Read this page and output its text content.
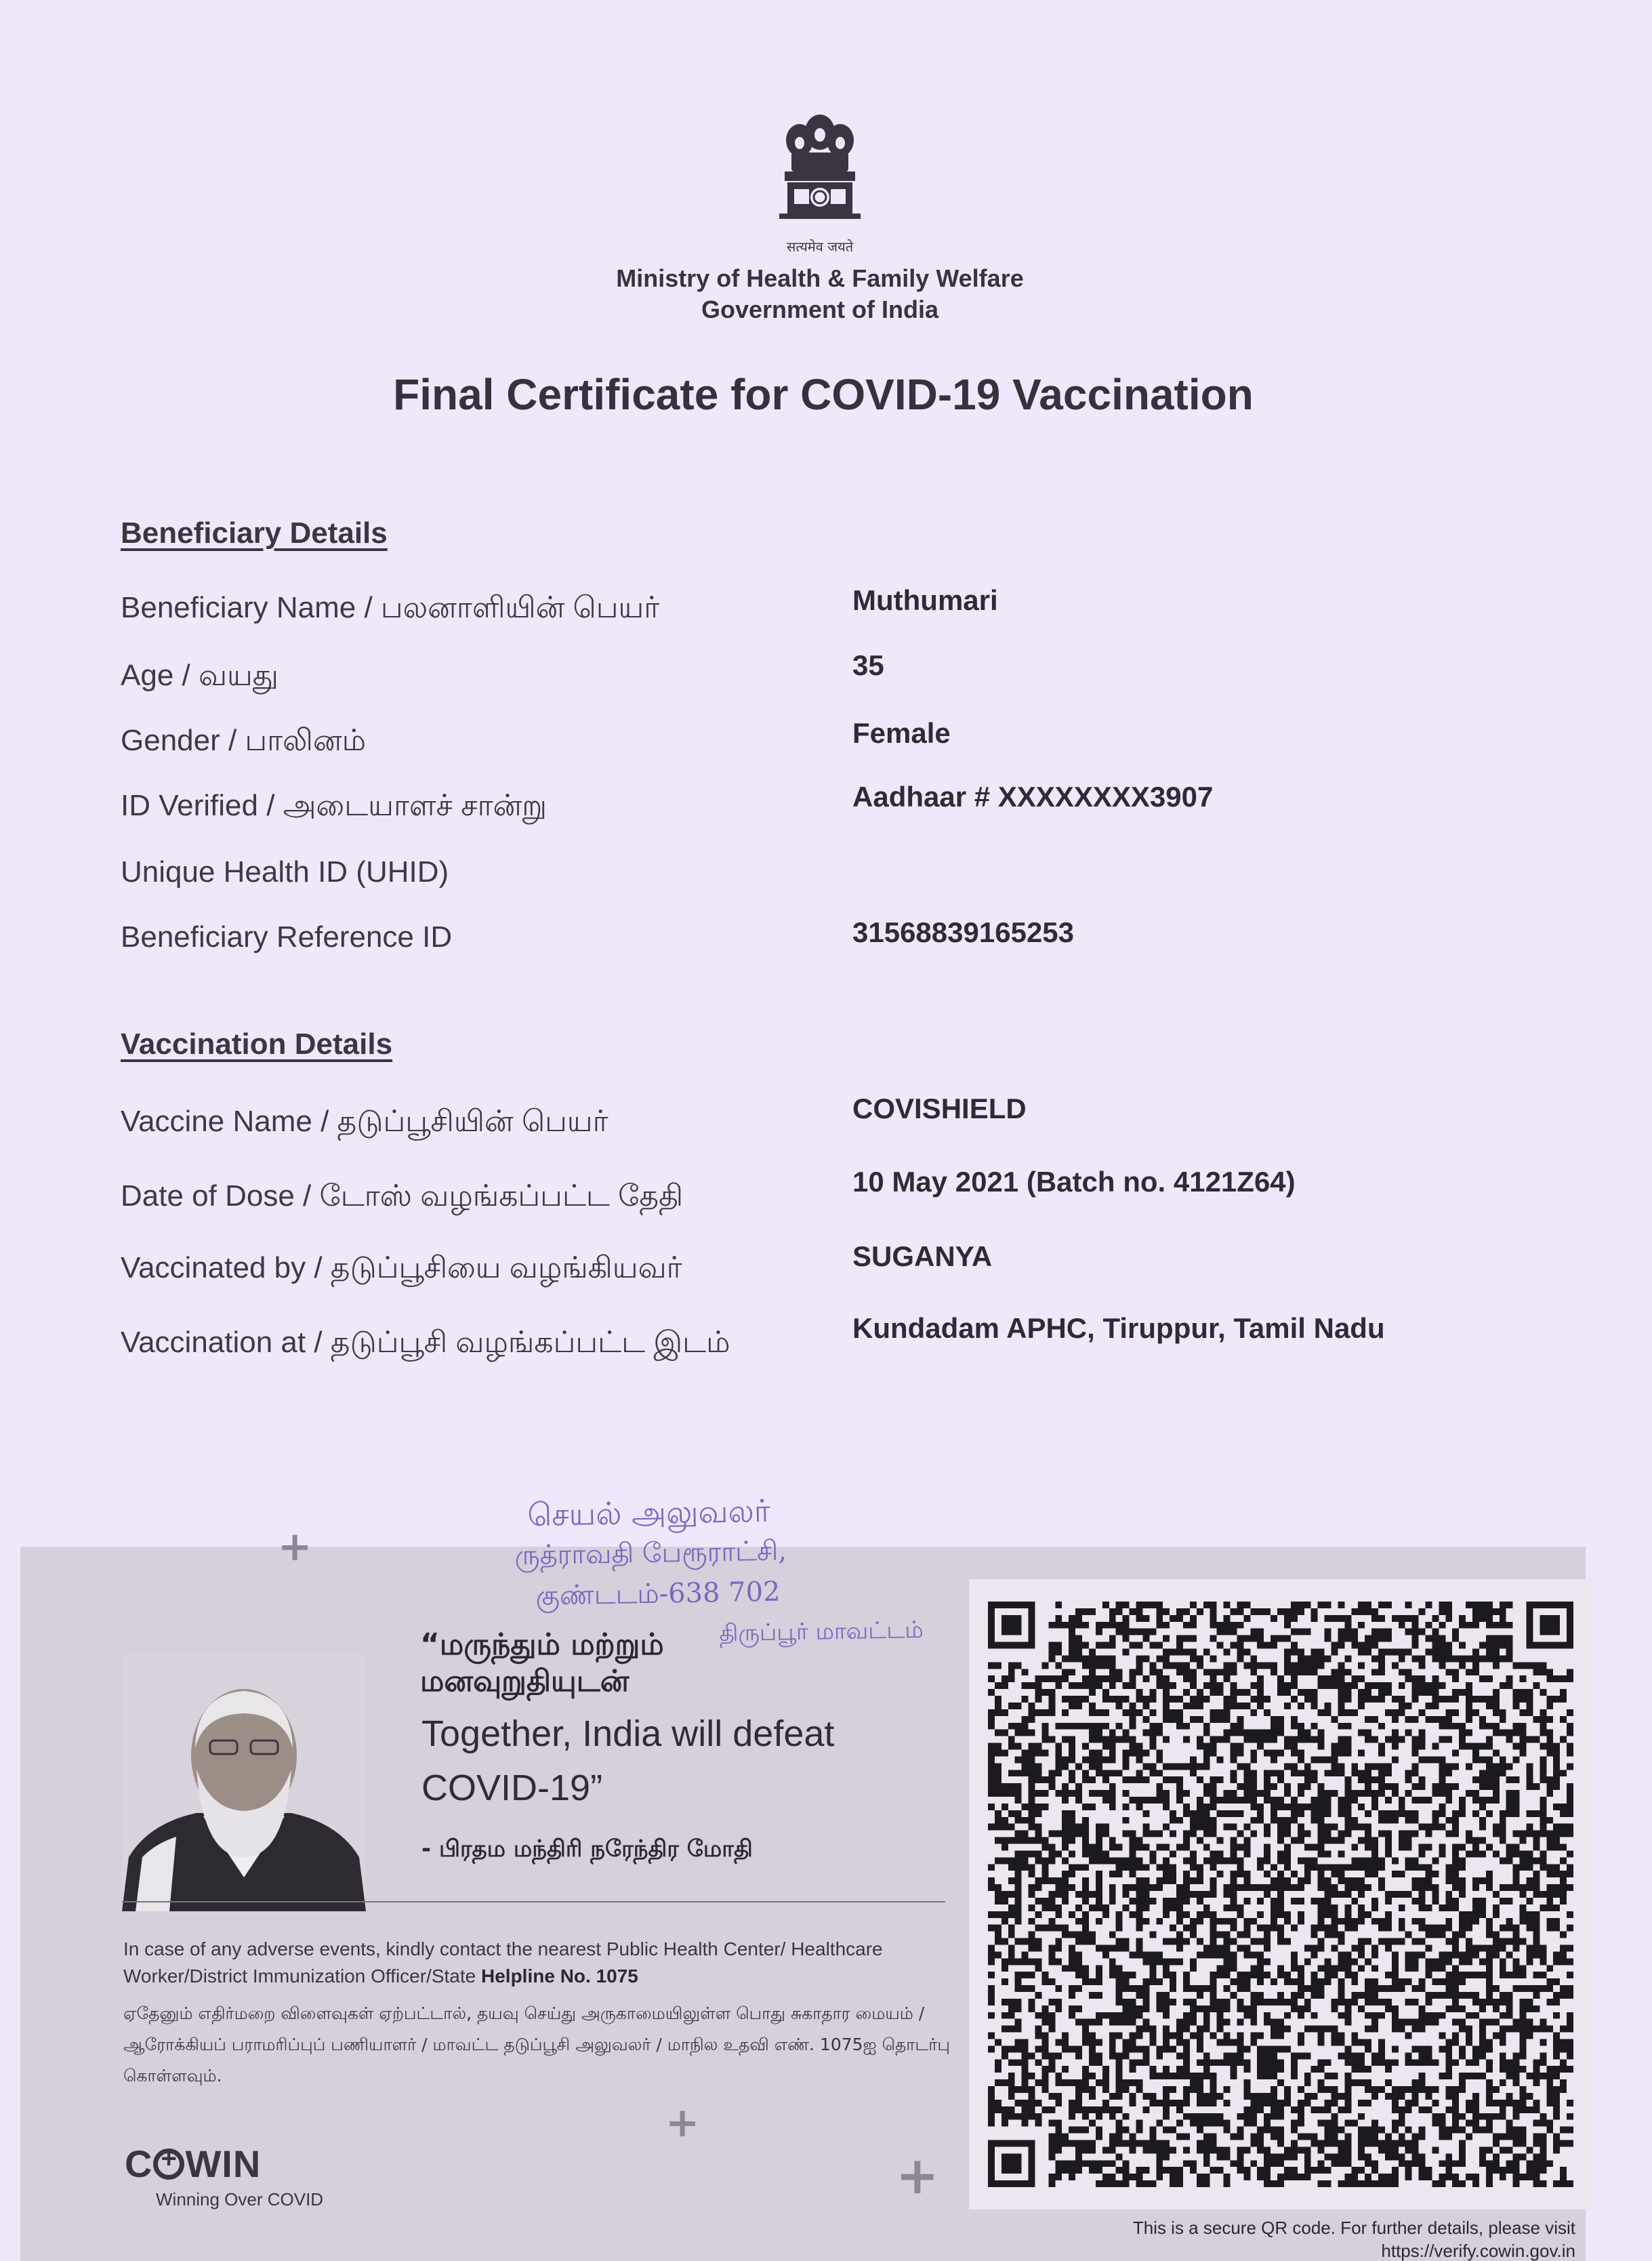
सत्यमेव जयते
Ministry of Health & Family Welfare
Government of India
Final Certificate for COVID-19 Vaccination
Beneficiary Details
Beneficiary Name / பலனாளியின் பெயர்	Muthumari
Age / வயது	35
Gender / பாலினம்	Female
ID Verified / அடையாளச் சான்று	Aadhaar # XXXXXXXX3907
Unique Health ID (UHID)
Beneficiary Reference ID	31568839165253
Vaccination Details
Vaccine Name / தடுப்பூசியின் பெயர்	COVISHIELD
Date of Dose / டோஸ் வழங்கப்பட்ட தேதி	10 May 2021 (Batch no. 4121Z64)
Vaccinated by / தடுப்பூசியை வழங்கியவர்	SUGANYA
Vaccination at / தடுப்பூசி வழங்கப்பட்ட இடம்	Kundadam APHC, Tiruppur, Tamil Nadu
+
+
+
“மருந்தும் மற்றும்
மனவுறுதியுடன்
Together, India will defeat COVID-19”
- பிரதம மந்திரி நரேந்திர மோதி
In case of any adverse events, kindly contact the nearest Public Health Center/ Healthcare Worker/District Immunization Officer/State Helpline No. 1075
ஏதேனும் எதிர்மறை விளைவுகள் ஏற்பட்டால், தயவு செய்து அருகாமையிலுள்ள பொது சுகாதார மையம் / ஆரோக்கியப் பராமரிப்புப் பணியாளர் / மாவட்ட தடுப்பூசி அலுவலர் / மாநில உதவி எண். 1075ஐ தொடர்பு கொள்ளவும்.
C+ WIN
Winning Over COVID
This is a secure QR code. For further details, please visit
https://verify.cowin.gov.in
செயல் அலுவலர்
ருத்ராவதி பேரூராட்சி,
குண்டடம்-638 702
திருப்பூர் மாவட்டம்
